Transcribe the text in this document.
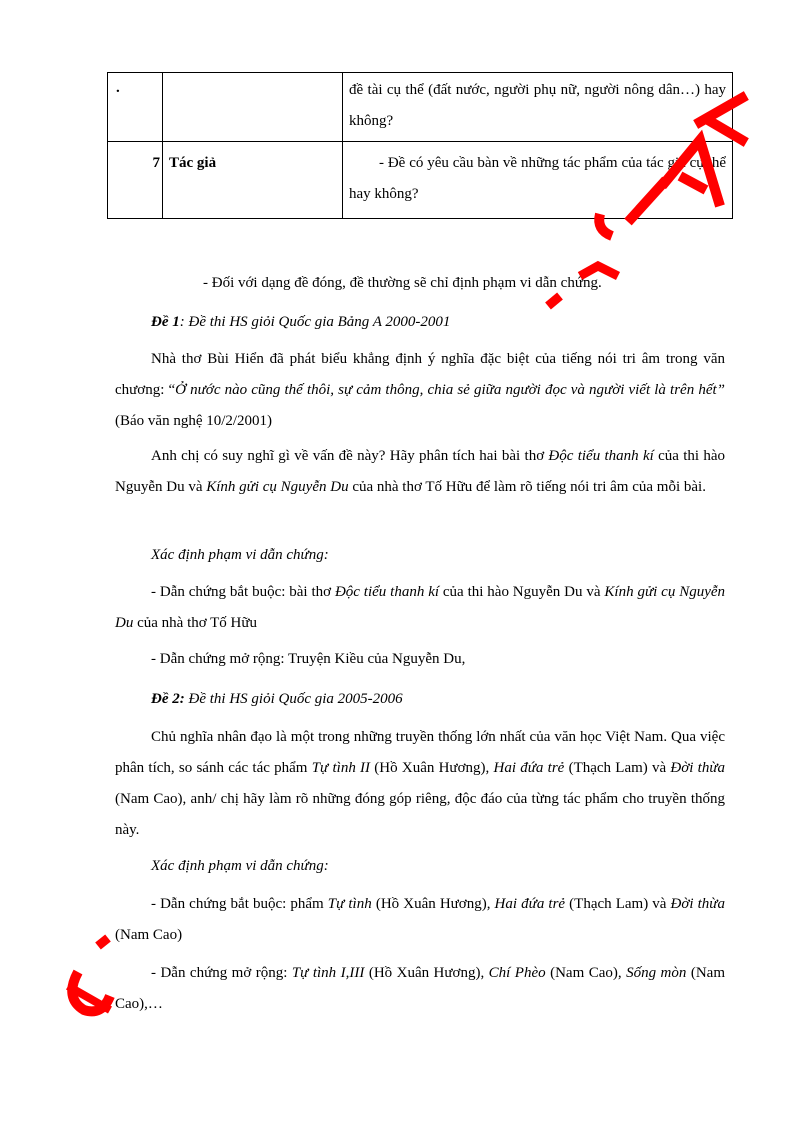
.		đề tài cụ thể (đất nước, người phụ nữ, người nông dân…) hay không?
7	Tác giả	- Đề có yêu cầu bàn về những tác phẩm của tác giả cụ thể hay không?

- Đối với dạng đề đóng, đề thường sẽ chỉ định phạm vi dẫn chứng.

Đề 1: Đề thi HS giỏi Quốc gia Bảng A 2000-2001

Nhà thơ Bùi Hiển đã phát biểu khẳng định ý nghĩa đặc biệt của tiếng nói tri âm trong văn chương: “Ở nước nào cũng thế thôi, sự cảm thông, chia sẻ giữa người đọc và người viết là trên hết” (Báo văn nghệ 10/2/2001)

Anh chị có suy nghĩ gì về vấn đề này? Hãy phân tích hai bài thơ Độc tiểu thanh kí của thi hào Nguyễn Du và Kính gửi cụ Nguyễn Du của nhà thơ Tố Hữu để làm rõ tiếng nói tri âm của mỗi bài.

Xác định phạm vi dẫn chứng:

- Dẫn chứng bắt buộc: bài thơ Độc tiểu thanh kí của thi hào Nguyễn Du và Kính gửi cụ Nguyễn Du của nhà thơ Tố Hữu

- Dẫn chứng mở rộng: Truyện Kiều của Nguyễn Du,

Đề 2: Đề thi HS giỏi Quốc gia 2005-2006

Chủ nghĩa nhân đạo là một trong những truyền thống lớn nhất của văn học Việt Nam. Qua việc phân tích, so sánh các tác phẩm Tự tình II (Hồ Xuân Hương), Hai đứa trẻ (Thạch Lam) và Đời thừa (Nam Cao), anh/ chị hãy làm rõ những đóng góp riêng, độc đáo của từng tác phẩm cho truyền thống này.

Xác định phạm vi dẫn chứng:

- Dẫn chứng bắt buộc: phẩm Tự tình (Hồ Xuân Hương), Hai đứa trẻ (Thạch Lam) và Đời thừa (Nam Cao)

- Dẫn chứng mở rộng: Tự tình I,III (Hồ Xuân Hương), Chí Phèo (Nam Cao), Sống mòn (Nam Cao),…
